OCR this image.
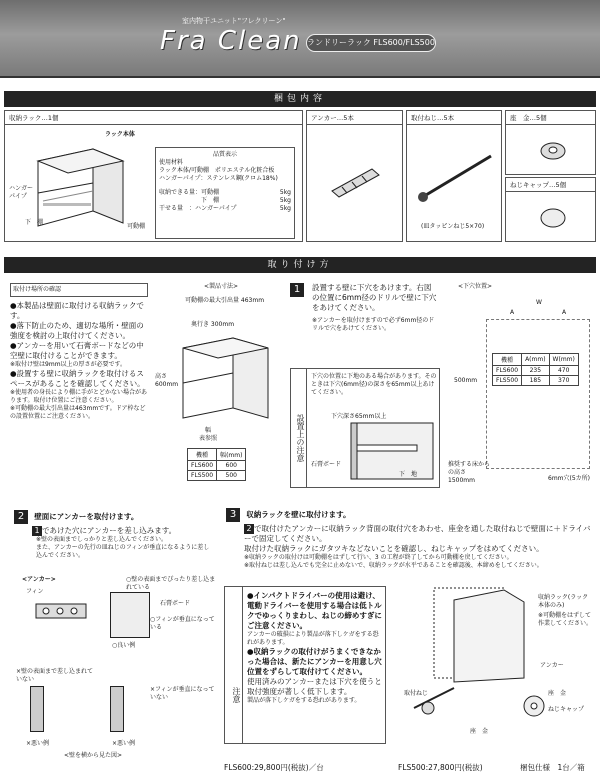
室内物干ユニット"フレクリーン"
Fra Clean ランドリーラック FLS600/FLS500
梱包内容
収納ラック…1個
ラック本体
ハンガー
パイプ
下　棚
可動棚
品質表示
使用材料
ラック本体/可動棚　ポリエステル化粧合板
ハンガーパイプ：ステンレス鋼(クロム18%)
収納できる量：可動棚	5kg
　　　　　　　下　棚	5kg
干せる量　：ハンガーパイプ	5kg
アンカー…5本	取付ねじ…5本
(皿タッピンねじ5×70)
座　金…5個
ねじキャップ…5個
取り付け方
取付け場所の確認
●本製品は壁面に取付ける収納ラックです。
●落下防止のため、適切な場所・壁面の強度を検討の上取付けてください。
●アンカーを用いて石膏ボードなどの中空壁に取付けることができます。
※取付け壁は9mm以上の厚さが必要です。
●設置する壁に収納ラックを取付けるスペースがあることを確認してください。
※使用者の身長により棚に手がとどかない場合があります。取付け位置にご注意ください。
※可動棚の最大引出量は463mmです。ドア枠などの設置位置にご注意ください。
<製品寸法>
可動棚の最大引出量 463mm
奥行き 300mm
高さ 600mm
幅
表参照
機種	幅(mm)
FLS600	600
FLS500	500
1 設置する壁に下穴をあけます。右図の位置に6mm径のドリルで壁に下穴をあけてください。
※アンカーを取付けますので必ず6mm径のドリルで穴をあけてください。
設置上の注意
下穴の位置に下地のある場合があります。そのときは下穴(6mm径)の深さを65mm以上あけてください。
下穴深さ65mm以上
石膏ボード
下　地
<下穴位置>
W
A	A
500mm
機種	A(mm)	W(mm)
FLS600	235	470
FLS500	185	370
推奨する床からの高さ 1500mm	6mm穴(5カ所)
2 壁面にアンカーを取付けます。
1 であけた穴にアンカーを差し込みます。
※壁の表面までしっかりと差し込んでください。
また、アンカーの先行の皿ねじのフィンが垂直になるように差し込んでください。
<アンカー>
フィン
○壁の表面までぴったり差し込まれている
石膏ボード
○フィンが垂直になっている
○良い例
×壁の表面まで差し込まれていない
×悪い例
×フィンが垂直になっていない
×悪い例
<壁を横から見た図>
3 収納ラックを壁に取付けます。
2 で取付けたアンカーに収納ラック背面の取付穴をあわせ、座金を通した取付ねじで壁面に＋ドライバーで固定してください。
取付けた収納ラックにガタツキなどないことを確認し、ねじキャップをはめてください。
※収納ラックの取付けは可動棚をはずして行い、3 の工程が終了してから可動棚を戻してください。
※取付ねじは差し込んでも完全に止めないで、収納ラックが水平であることを確認後、本締めをしてください。
注意
●インパクトドライバーの使用は避け、電動ドライバーを使用する場合は低トルクでゆっくりまわし、ねじの締めすぎにご注意ください。
アンカーの破損により製品が落下しケガをする恐れがあります。
●収納ラックの取付けがうまくできなかった場合は、新たにアンカーを用意し穴位置をずらして取付けてください。
使用済みのアンカーまたは下穴を使うと取付強度が著しく低下します。
製品が落下しケガをする恐れがあります。
収納ラック(ラック本体のみ)
※可動棚をはずして作業してください。
アンカー
取付ねじ
座　金
ねじキャップ
座　金
FLS600:29,800円(税抜)／台	FLS500:27,800円(税抜)	梱包仕様　1台／箱
